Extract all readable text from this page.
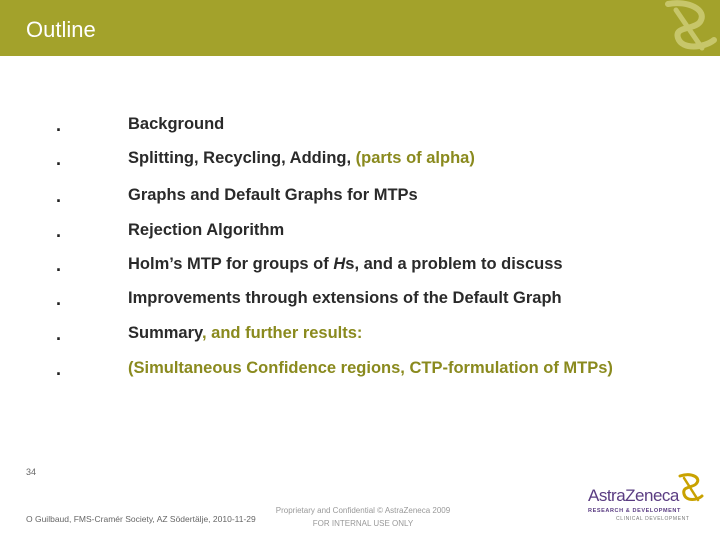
Outline
.	Background
.	Splitting, Recycling, Adding, (parts of alpha)
.	Graphs and Default Graphs for MTPs
.	Rejection Algorithm
.	Holm’s MTP for groups of Hs, and a problem to discuss
.	Improvements through extensions of the Default Graph
.	Summary, and further results:
.	(Simultaneous Confidence regions, CTP-formulation of MTPs)
34
O Guilbaud, FMS-Cramér Society, AZ Södertälje, 2010-11-29
Proprietary and Confidential © AstraZeneca 2009
FOR INTERNAL USE ONLY
AstraZeneca
RESEARCH & DEVELOPMENT
CLINICAL DEVELOPMENT
